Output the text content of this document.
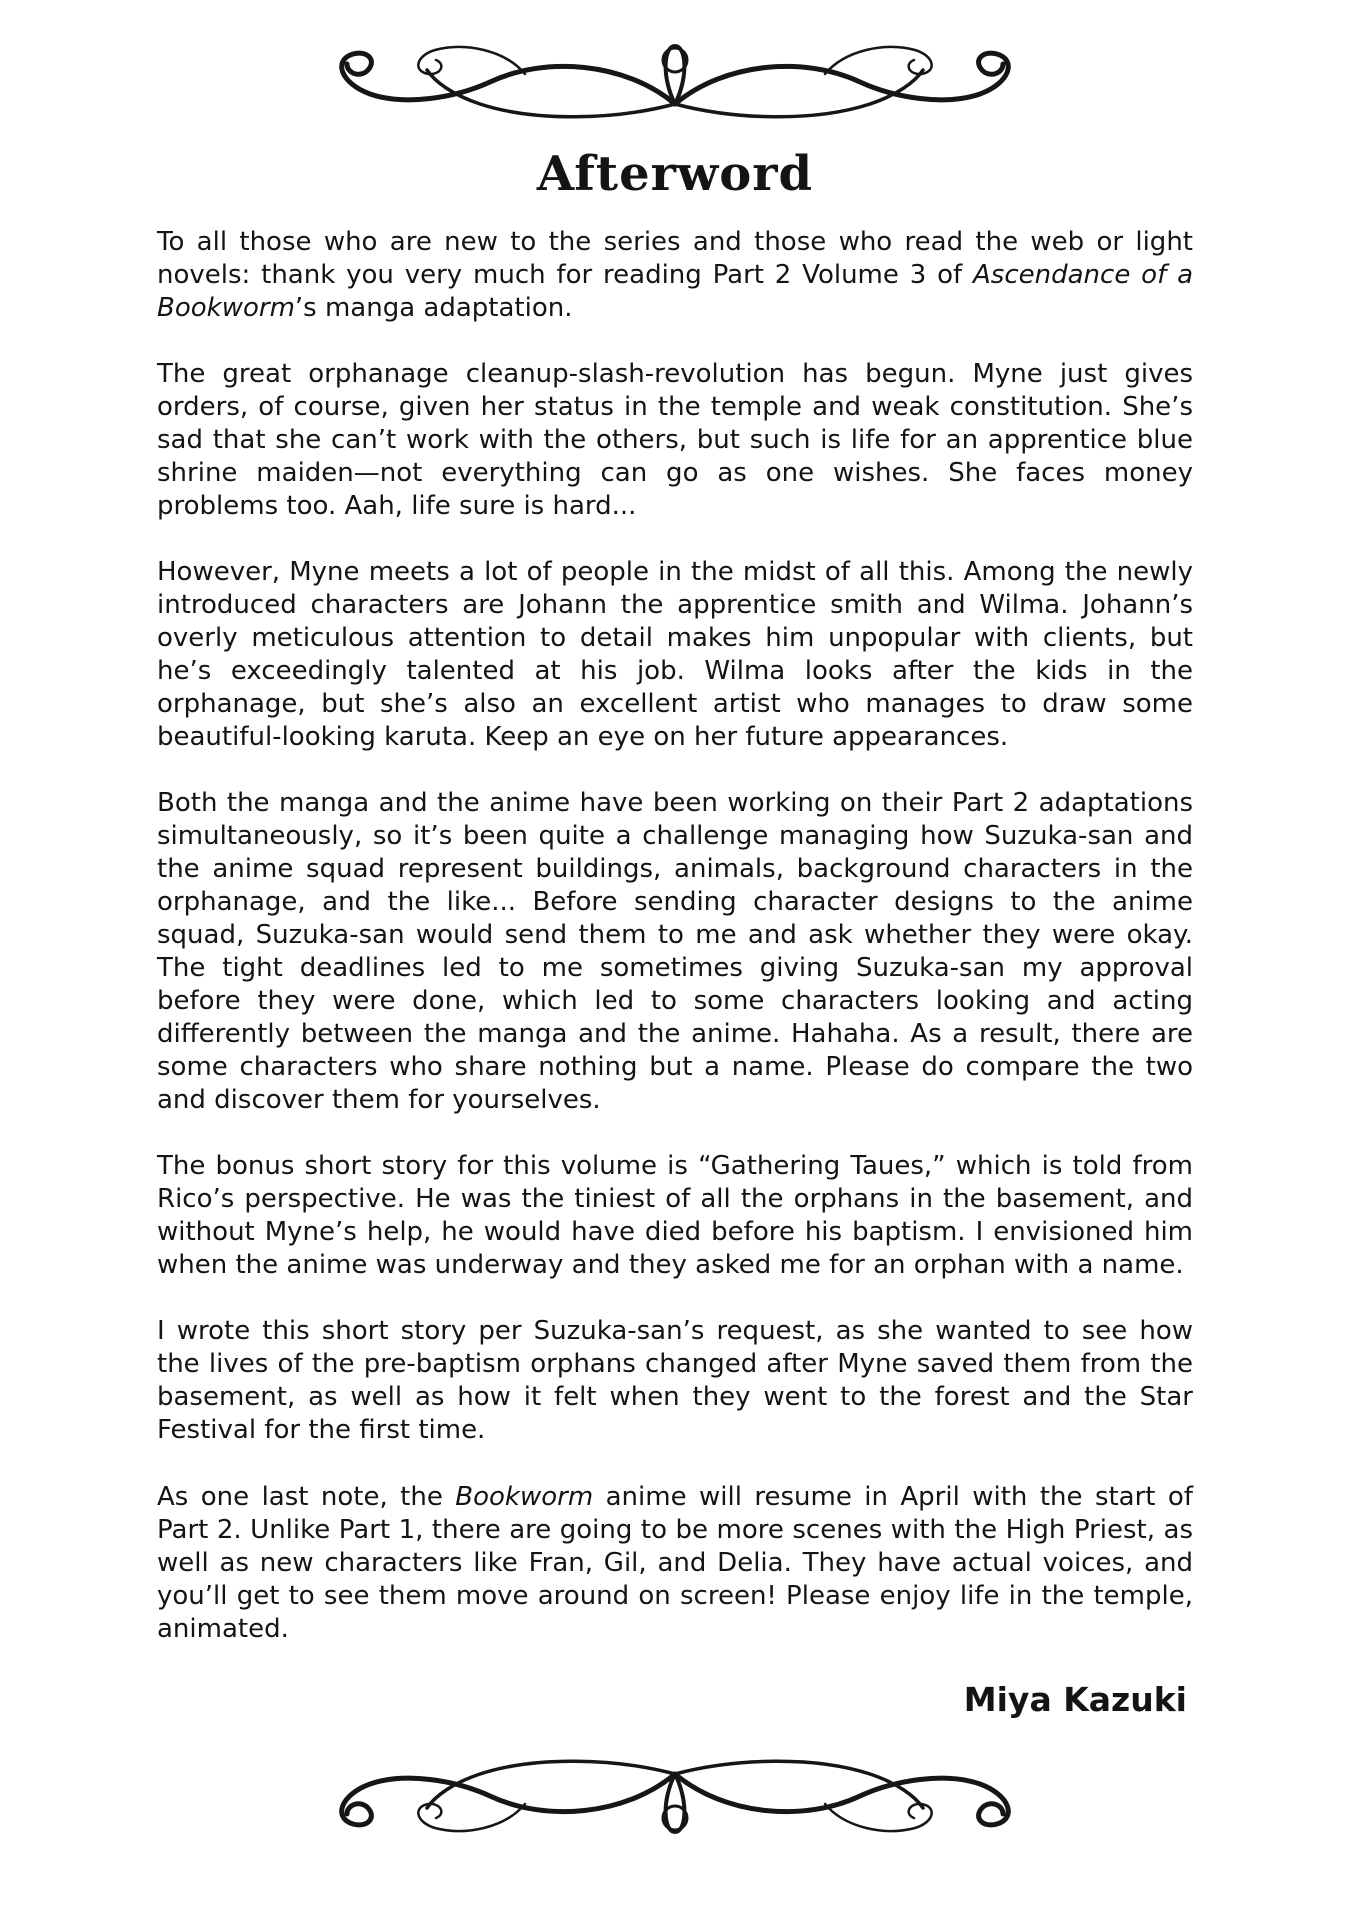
Afterword

To all those who are new to the series and those who read the web or light novels: thank you very much for reading Part 2 Volume 3 of Ascendance of a Bookworm’s manga adaptation.

The great orphanage cleanup-slash-revolution has begun. Myne just gives orders, of course, given her status in the temple and weak constitution. She’s sad that she can’t work with the others, but such is life for an apprentice blue shrine maiden—not everything can go as one wishes. She faces money problems too. Aah, life sure is hard...

However, Myne meets a lot of people in the midst of all this. Among the newly introduced characters are Johann the apprentice smith and Wilma. Johann’s overly meticulous attention to detail makes him unpopular with clients, but he’s exceedingly talented at his job. Wilma looks after the kids in the orphanage, but she’s also an excellent artist who manages to draw some beautiful-looking karuta. Keep an eye on her future appearances.

Both the manga and the anime have been working on their Part 2 adaptations simultaneously, so it’s been quite a challenge managing how Suzuka-san and the anime squad represent buildings, animals, background characters in the orphanage, and the like... Before sending character designs to the anime squad, Suzuka-san would send them to me and ask whether they were okay. The tight deadlines led to me sometimes giving Suzuka-san my approval before they were done, which led to some characters looking and acting differently between the manga and the anime. Hahaha. As a result, there are some characters who share nothing but a name. Please do compare the two and discover them for yourselves.

The bonus short story for this volume is “Gathering Taues,” which is told from Rico’s perspective. He was the tiniest of all the orphans in the basement, and without Myne’s help, he would have died before his baptism. I envisioned him when the anime was underway and they asked me for an orphan with a name.

I wrote this short story per Suzuka-san’s request, as she wanted to see how the lives of the pre-baptism orphans changed after Myne saved them from the basement, as well as how it felt when they went to the forest and the Star Festival for the first time.

As one last note, the Bookworm anime will resume in April with the start of Part 2. Unlike Part 1, there are going to be more scenes with the High Priest, as well as new characters like Fran, Gil, and Delia. They have actual voices, and you’ll get to see them move around on screen! Please enjoy life in the temple, animated.

Miya Kazuki
